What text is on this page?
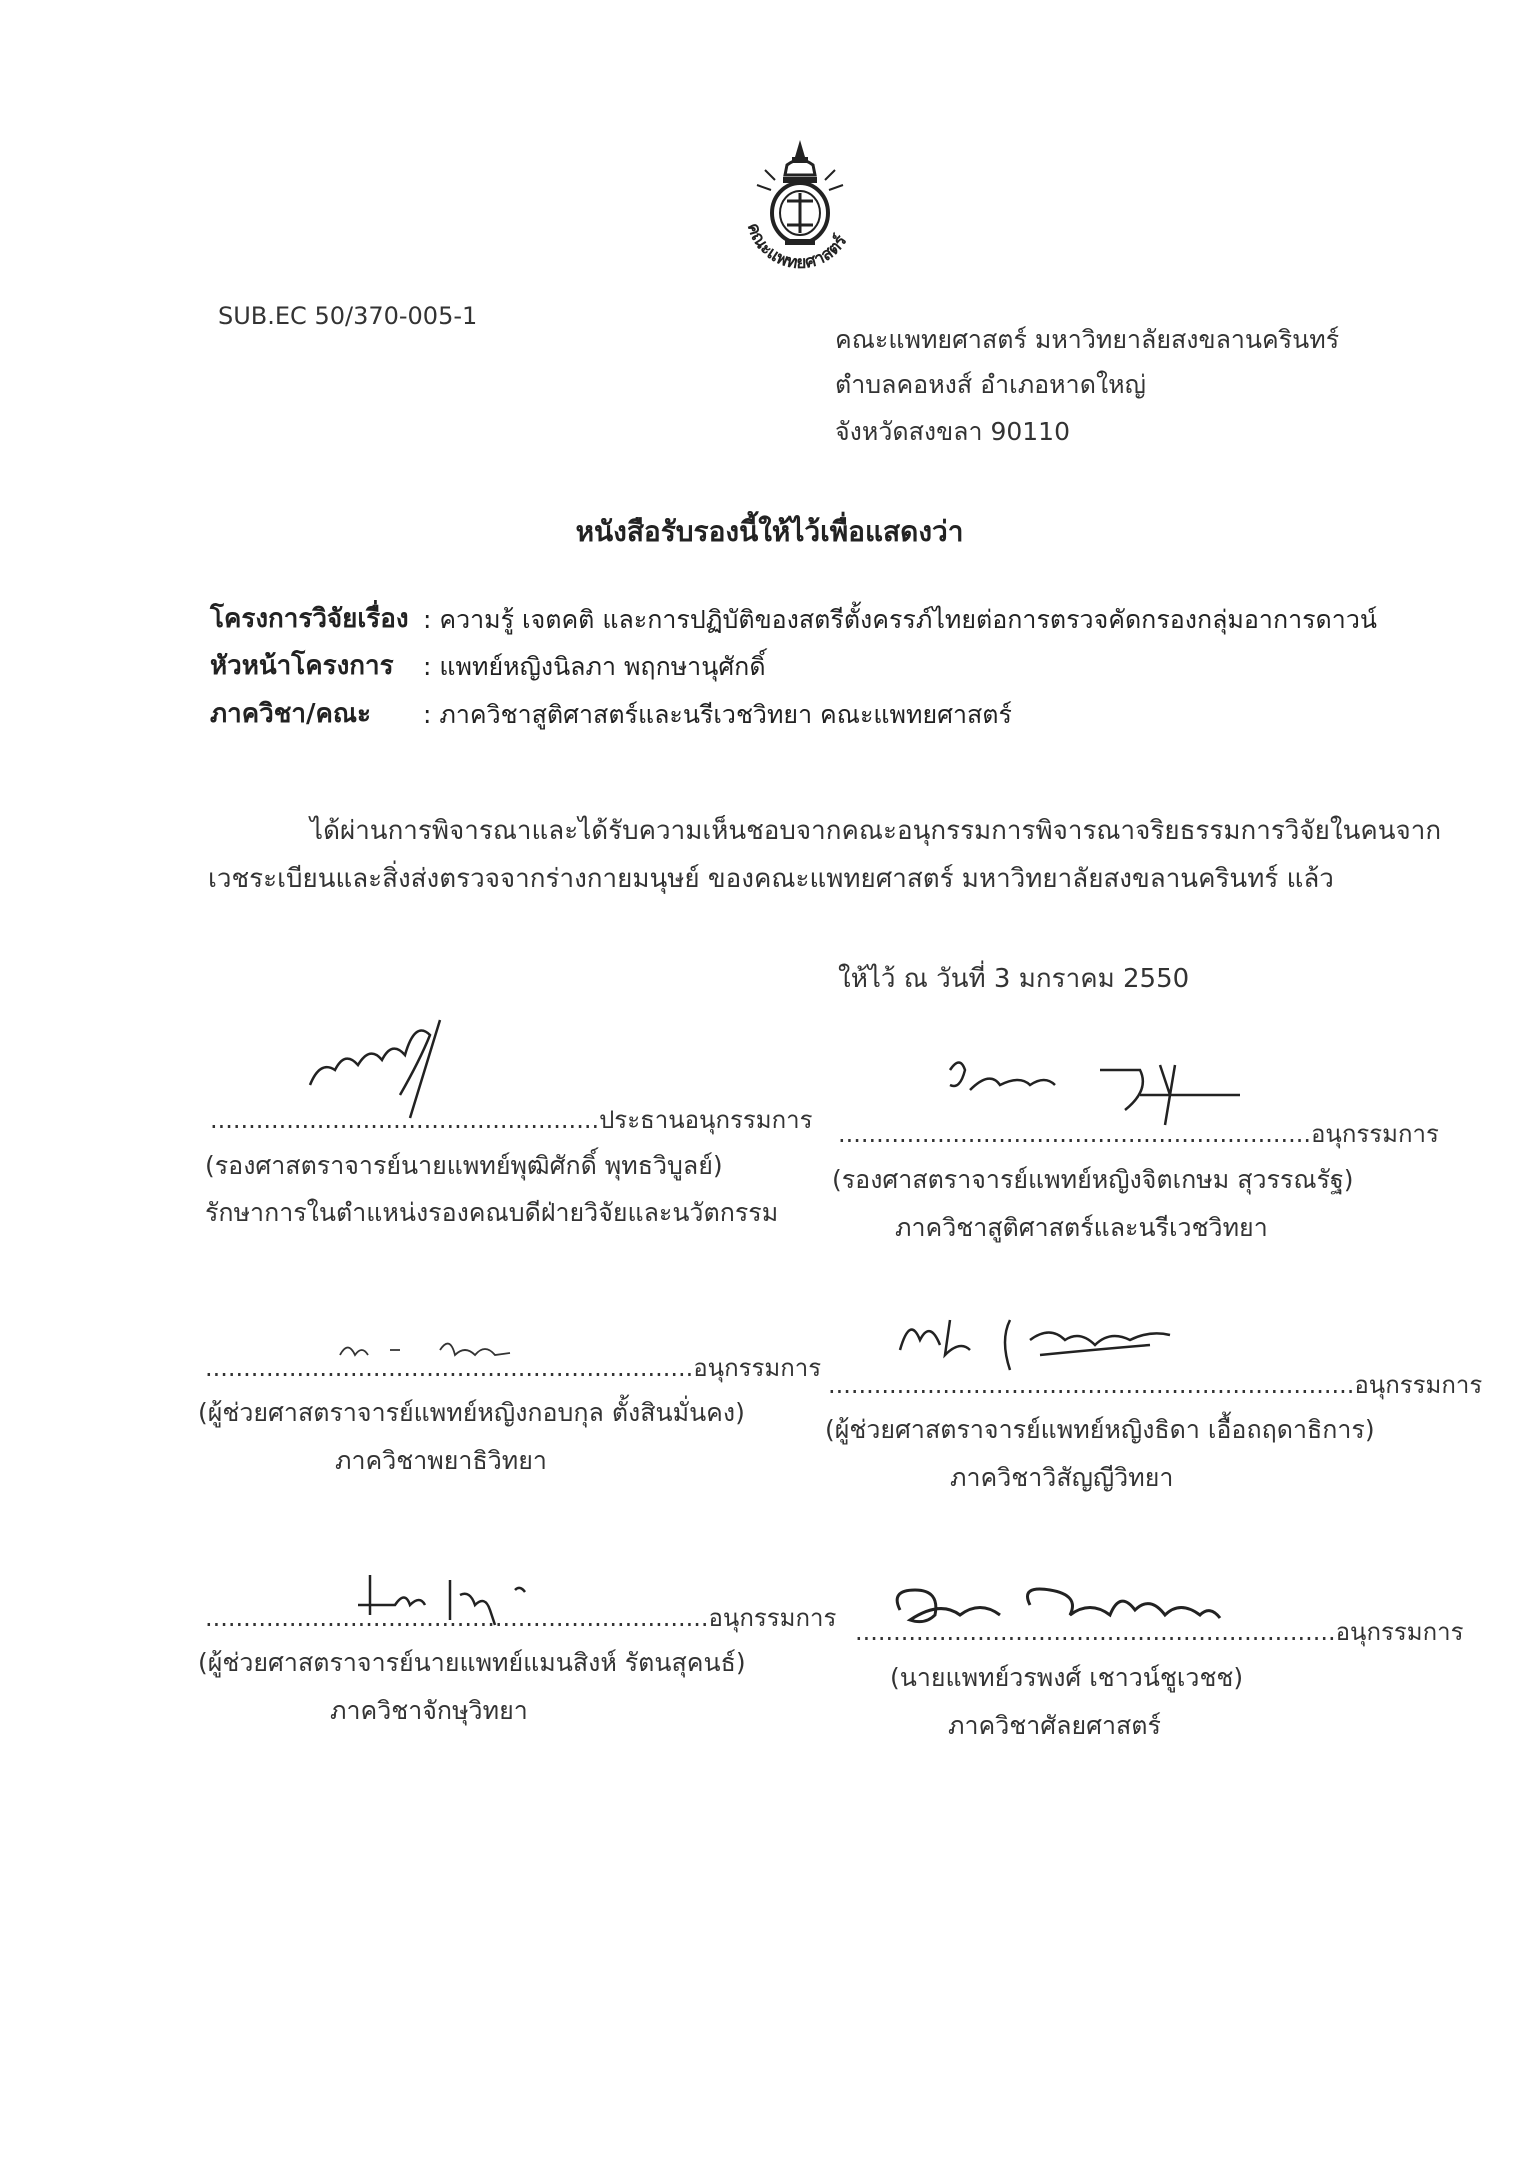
คณะแพทยศาสตร์
SUB.EC 50/370-005-1
คณะแพทยศาสตร์ มหาวิทยาลัยสงขลานครินทร์
ตำบลคอหงส์ อำเภอหาดใหญ่
จังหวัดสงขลา 90110
หนังสือรับรองนี้ให้ไว้เพื่อแสดงว่า
โครงการวิจัยเรื่อง : ความรู้ เจตคติ และการปฏิบัติของสตรีตั้งครรภ์ไทยต่อการตรวจคัดกรองกลุ่มอาการดาวน์
หัวหน้าโครงการ : แพทย์หญิงนิลภา พฤกษานุศักดิ์
ภาควิชา/คณะ : ภาควิชาสูติศาสตร์และนรีเวชวิทยา คณะแพทยศาสตร์
ได้ผ่านการพิจารณาและได้รับความเห็นชอบจากคณะอนุกรรมการพิจารณาจริยธรรมการวิจัยในคนจาก
เวชระเบียนและสิ่งส่งตรวจจากร่างกายมนุษย์ ของคณะแพทยศาสตร์ มหาวิทยาลัยสงขลานครินทร์ แล้ว
ให้ไว้ ณ วันที่ 3 มกราคม 2550
...................................................ประธานอนุกรรมการ
(รองศาสตราจารย์นายแพทย์พุฒิศักดิ์ พุทธวิบูลย์)
รักษาการในตำแหน่งรองคณบดีฝ่ายวิจัยและนวัตกรรม
..............................................................อนุกรรมการ
(รองศาสตราจารย์แพทย์หญิงจิตเกษม สุวรรณรัฐ)
ภาควิชาสูติศาสตร์และนรีเวชวิทยา
................................................................อนุกรรมการ
(ผู้ช่วยศาสตราจารย์แพทย์หญิงกอบกุล ตั้งสินมั่นคง)
ภาควิชาพยาธิวิทยา
.....................................................................อนุกรรมการ
(ผู้ช่วยศาสตราจารย์แพทย์หญิงธิดา เอื้อถฤดาธิการ)
ภาควิชาวิสัญญีวิทยา
..................................................................อนุกรรมการ
(ผู้ช่วยศาสตราจารย์นายแพทย์แมนสิงห์ รัตนสุคนธ์)
ภาควิชาจักษุวิทยา
...............................................................อนุกรรมการ
(นายแพทย์วรพงศ์ เชาวน์ชูเวชช)
ภาควิชาศัลยศาสตร์
